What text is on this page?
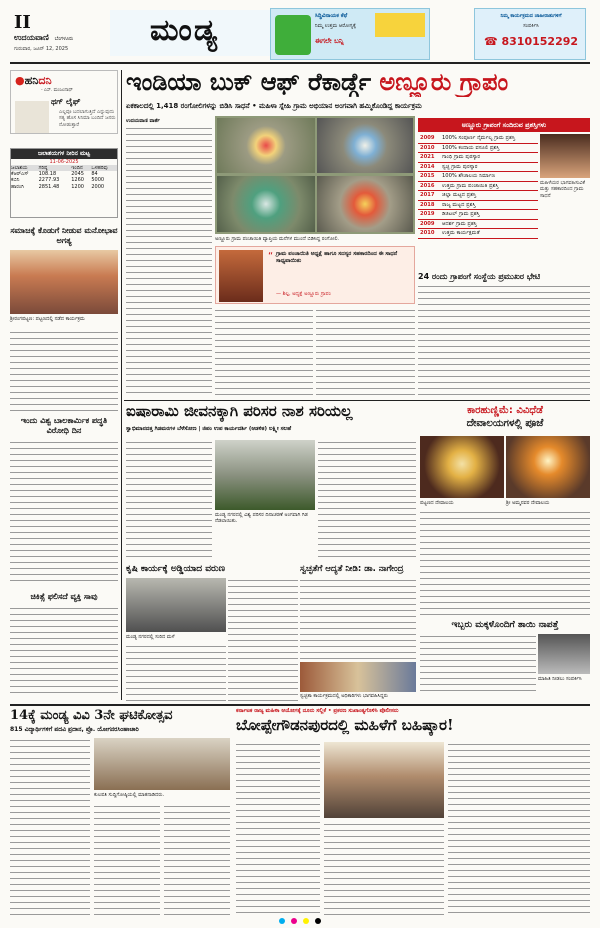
II
ಉದಯವಾಣಿ ಬೆಂಗಳೂರು
ಗುರುವಾರ, ಜೂನ್ 12, 2025
ಮಂಡ್ಯ	ಸಿದ್ಧಿವಿನಾಯಕ ಕೆಫೆ
ನಿಮ್ಮ ಉತ್ತಮ ಆರೋಗ್ಯಕ್ಕೆ
ಈಗಲೇ ಬನ್ನಿ
ನಿಮ್ಮ ಕಾರ್ಯಕ್ರಮದ ಜಾಹೀರಾತುಗಳಿಗೆ
ಸಂಪರ್ಕಿಸಿ
☎ 8310152292
●ಹನಿದನಿ
- ಎಸ್. ಮಂಜುನಾಥ್
ಥಗ್ ಲೈಫ್
ಎಲ್ಲವೂ ಬದಲಾಗುತ್ತಿದೆ ಎನ್ನುವುದು ಸತ್ಯ ಹೊಸ ಸಿನಿಮಾ ಬಂದಿದೆ ಜನರು ನೋಡುತ್ತಾರೆ
ಜಲಾಶಯಗಳ ನೀರಿನ ಮಟ್ಟ
11-06-2025
ಜಲಾಶಯ	ಗರಿಷ್ಠ	ಇಂದಿನ	ಒಳಹರಿವು
ಕೆಆರ್‌ಎಸ್	108.18	2045	84
ಕಬಿನಿ	2277.93	1260	5000
ಹಾರಂಗಿ	2851.48	1200	2000
ಸಮಾಜಕ್ಕೆ ಕೊಡುಗೆ ನೀಡುವ ಮನೋಭಾವ ಅಗತ್ಯ
ಶ್ರೀರಂಗಪಟ್ಟಣ: ಪಟ್ಟಣದಲ್ಲಿ ನಡೆದ ಕಾರ್ಯಕ್ರಮ
ಇಂದು ವಿಶ್ವ ಬಾಲಕಾರ್ಮಿಕ ಪದ್ಧತಿ ವಿರೋಧಿ ದಿನ
ಚಿಕಿತ್ಸೆ ಫಲಿಸದೆ ವ್ಯಕ್ತಿ ಸಾವು
ಇಂಡಿಯಾ ಬುಕ್ ಆಫ್ ರೆಕಾರ್ಡ್ಗೆ ಅಣ್ಣೂರು ಗ್ರಾಪಂ
ಏಕಕಾಲದಲ್ಲಿ 1,418 ರಂಗೋಲಿಗಳನ್ನು ಬಿಡಿಸಿ ಸಾಧನೆ • ಮಹಿಳಾ ಸ್ನೇಹಿ ಗ್ರಾಮ ಅಭಿಯಾನ ಅಂಗವಾಗಿ ಹಮ್ಮಿಕೊಂಡಿದ್ದ ಕಾರ್ಯಕ್ರಮ
ಉದಯವಾಣಿ ವಾರ್ತೆ
ಅಣ್ಣೂರು ಗ್ರಾಮ ಪಂಚಾಯಿತಿ ವ್ಯಾಪ್ತಿಯ ಮನೆಗಳ ಮುಂದೆ ಬಿಡಿಸಿದ್ದ ರಂಗೋಲಿ.
“ ಗ್ರಾಮ ಪಂಚಾಯಿತಿ ಅಧ್ಯಕ್ಷೆ ಹಾಗೂ ಸದಸ್ಯರ ಸಹಕಾರದಿಂದ ಈ ಸಾಧನೆ ಸಾಧ್ಯವಾಯಿತು
— ಶಿಲ್ಪ, ಅಧ್ಯಕ್ಷೆ ಅಣ್ಣೂರು ಗ್ರಾಪಂ
ಅಣ್ಣೂರು ಗ್ರಾಪಂಗೆ ಸಂದಿರುವ ಪ್ರಶಸ್ತಿಗಳು
2009	100% ಸಂಪೂರ್ಣ ನೈರ್ಮಲ್ಯ ಗ್ರಾಮ ಪ್ರಶಸ್ತಿ
2010	100% ಕಂದಾಯ ವಸೂಲಿ ಪ್ರಶಸ್ತಿ
2021	ಗಾಂಧಿ ಗ್ರಾಮ ಪುರಸ್ಕಾರ
2014	ಸ್ವಚ್ಛ ಗ್ರಾಮ ಪುರಸ್ಕಾರ
2015	100% ಶೌಚಾಲಯ ನಿರ್ಮಾಣ
2016	ಉತ್ತಮ ಗ್ರಾಮ ಪಂಚಾಯಿತಿ ಪ್ರಶಸ್ತಿ
2017	ಜಿಲ್ಲಾ ಮಟ್ಟದ ಪ್ರಶಸ್ತಿ
2018	ರಾಜ್ಯ ಮಟ್ಟದ ಪ್ರಶಸ್ತಿ
2019	ಡಿಜಿಟಲ್ ಗ್ರಾಮ ಪ್ರಶಸ್ತಿ
2009	ಆದರ್ಶ ಗ್ರಾಮ ಪ್ರಶಸ್ತಿ
2010	ಉತ್ತಮ ಕಾರ್ಯಕ್ಷಮತೆ
ಮಹಿಳೆಯರ ಭಾಗವಹಿಸುವಿಕೆ ಮತ್ತು ಸಹಕಾರದಿಂದ ಗ್ರಾಮ ಸಾಧನೆ
24 ರಂದು ಗ್ರಾಪಂಗೆ ಸಂಸ್ಥೆಯ ಪ್ರಮುಖರ ಭೇಟಿ
ಐಷಾರಾಮಿ ಜೀವನಕ್ಕಾಗಿ ಪರಿಸರ ನಾಶ ಸರಿಯಲ್ಲ
ಸ್ವಾಭಿಮಾನದತ್ತ ಗಿಡಮರಗಳ ಬೆಳೆಸೋಣ | ಜಿಪಂ ಉಪ ಕಾರ್ಯದರ್ಶಿ (ಆಡಳಿತ) ಲಕ್ಷ್ಮೀ ಸಲಹೆ
ಮಂಡ್ಯ ನಗರದಲ್ಲಿ ವಿಶ್ವ ಪರಿಸರ ದಿನಾಚರಣೆ ಅಂಗವಾಗಿ ಗಿಡ ನೆಡಲಾಯಿತು.
ಕಾರಹುಣ್ಣಿಮೆ: ವಿವಿಧೆಡೆ
ದೇವಾಲಯಗಳಲ್ಲಿ ಪೂಜೆ
ಪಟ್ಟಣದ ದೇವಾಲಯ	ಶ್ರೀ ಅಮ್ಮನವರ ದೇವಾಲಯ
ಕೃಷಿ ಕಾರ್ಯಕ್ಕೆ ಅಡ್ಡಿಯಾದ ವರುಣ	ಸ್ವಚ್ಛತೆಗೆ ಆದ್ಯತೆ ನೀಡಿ: ಡಾ. ನಾಗೇಂದ್ರ
ಮಂಡ್ಯ ನಗರದಲ್ಲಿ ಸುರಿದ ಮಳೆ
ಸ್ವಚ್ಛತಾ ಕಾರ್ಯಕ್ರಮದಲ್ಲಿ ಅಧಿಕಾರಿಗಳು ಭಾಗವಹಿಸಿದ್ದರು
ಇಬ್ಬರು ಮಕ್ಕಳೊಂದಿಗೆ ತಾಯಿ ನಾಪತ್ತೆ
ಮಾಹಿತಿ ನೀಡಲು ಸಂಪರ್ಕಿಸಿ
14ಕ್ಕೆ ಮಂಡ್ಯ ವಿವಿ 3ನೇ ಘಟಿಕೋತ್ಸವ
815 ವಿದ್ಯಾರ್ಥಿಗಳಿಗೆ ಪದವಿ ಪ್ರದಾನ, ಪ್ರೊ. ಯೋಗನರಸಿಂಹಾಚಾರಿ
ಕುಲಪತಿ ಸುದ್ದಿಗೋಷ್ಠಿಯಲ್ಲಿ ಮಾತನಾಡಿದರು.
ಕರ್ನಾಟಕ ರಾಜ್ಯ ಮಹಿಳಾ ಆಯೋಗಕ್ಕೆ ದೂರು ಸಲ್ಲಿಕೆ • ಪ್ರಕರಣ ಸುಖಾಂತ್ಯಗೊಳಿಸಿ ಪೊಲೀಸರು
ಬೋಪ್ಪೇಗೌಡನಪುರದಲ್ಲಿ ಮಹಿಳೆಗೆ ಬಹಿಷ್ಕಾರ!
